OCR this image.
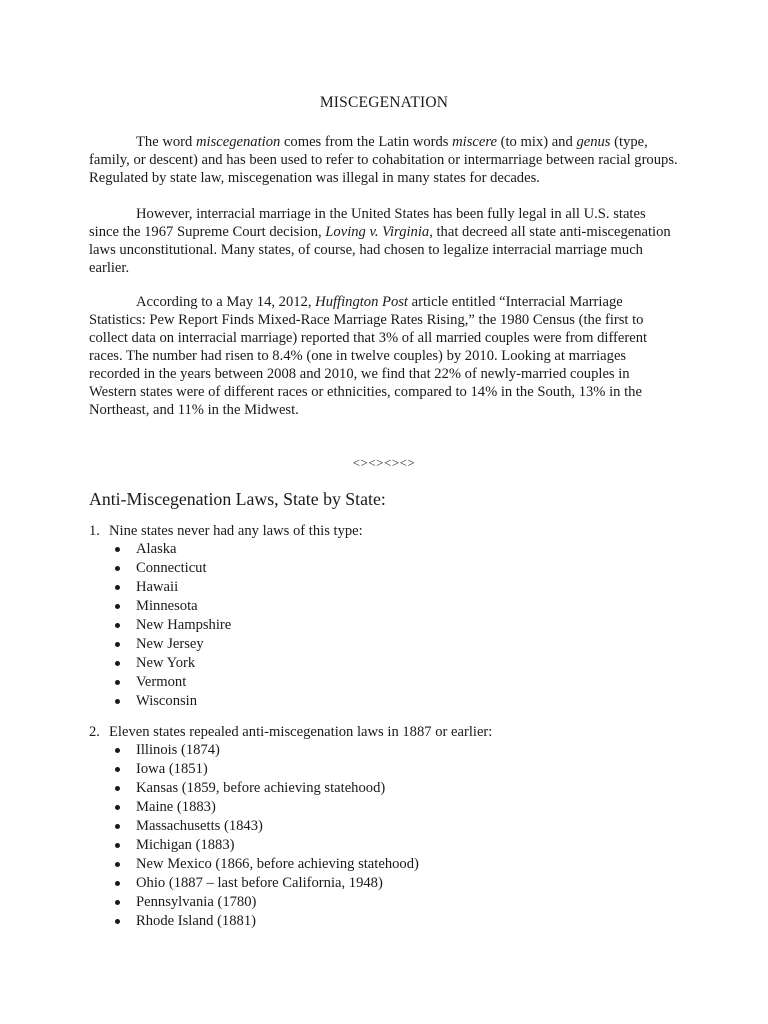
MISCEGENATION

The word miscegenation comes from the Latin words miscere (to mix) and genus (type, family, or descent) and has been used to refer to cohabitation or intermarriage between racial groups. Regulated by state law, miscegenation was illegal in many states for decades.

However, interracial marriage in the United States has been fully legal in all U.S. states since the 1967 Supreme Court decision, Loving v. Virginia, that decreed all state anti-miscegenation laws unconstitutional. Many states, of course, had chosen to legalize interracial marriage much earlier.

According to a May 14, 2012, Huffington Post article entitled “Interracial Marriage Statistics: Pew Report Finds Mixed-Race Marriage Rates Rising,” the 1980 Census (the first to collect data on interracial marriage) reported that 3% of all married couples were from different races. The number had risen to 8.4% (one in twelve couples) by 2010. Looking at marriages recorded in the years between 2008 and 2010, we find that 22% of newly-married couples in Western states were of different races or ethnicities, compared to 14% in the South, 13% in the Northeast, and 11% in the Midwest.

<><><><>
Anti-Miscegenation Laws, State by State:
1. Nine states never had any laws of this type:
Alaska
Connecticut
Hawaii
Minnesota
New Hampshire
New Jersey
New York
Vermont
Wisconsin
2. Eleven states repealed anti-miscegenation laws in 1887 or earlier:
Illinois (1874)
Iowa (1851)
Kansas (1859, before achieving statehood)
Maine (1883)
Massachusetts (1843)
Michigan (1883)
New Mexico (1866, before achieving statehood)
Ohio (1887 – last before California, 1948)
Pennsylvania (1780)
Rhode Island (1881)
